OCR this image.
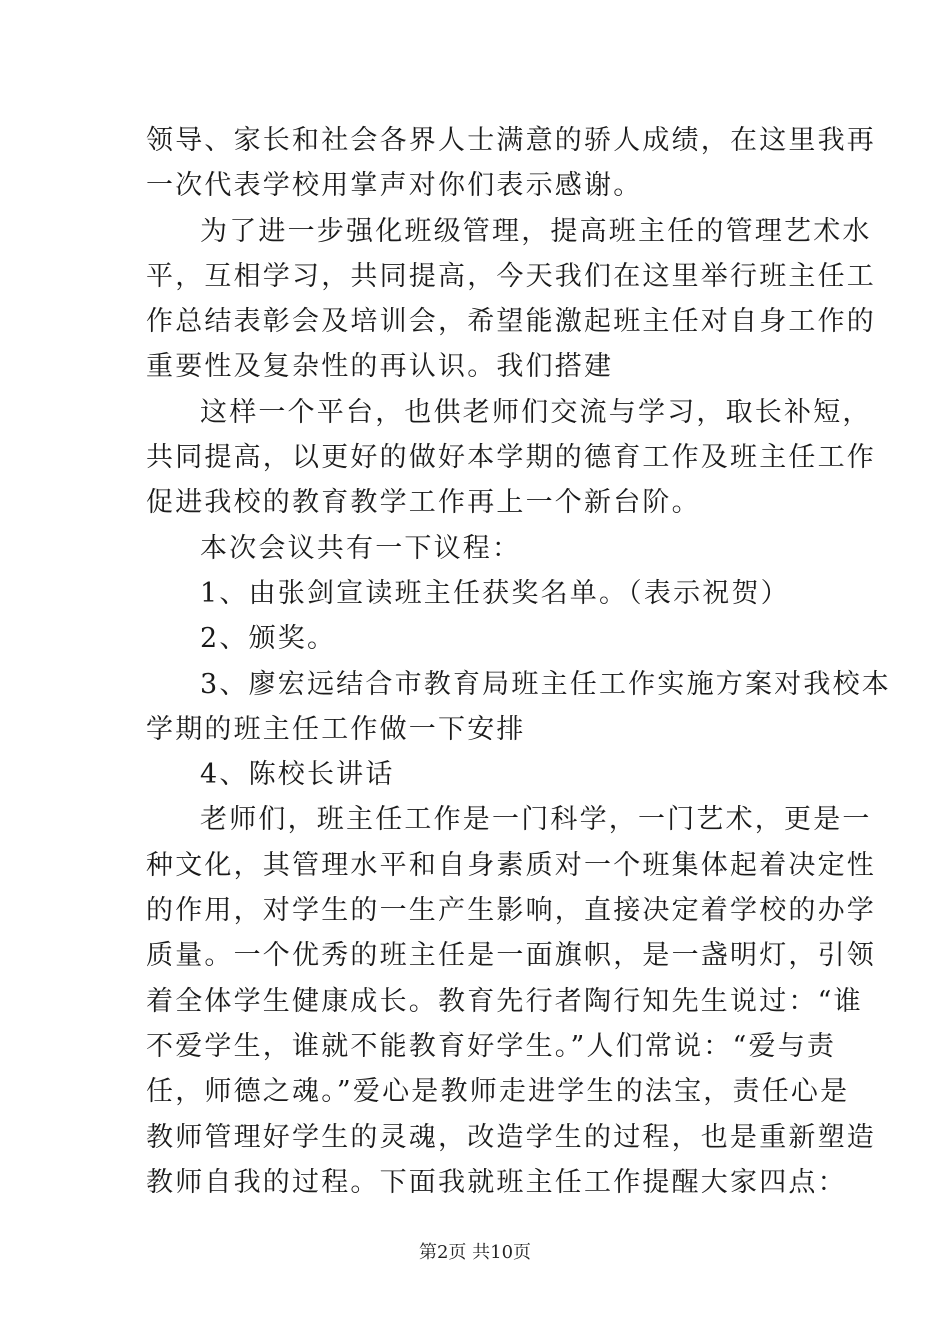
领导、家长和社会各界人士满意的骄人成绩，在这里我再
一次代表学校用掌声对你们表示感谢。
为了进一步强化班级管理，提高班主任的管理艺术水
平，互相学习，共同提高，今天我们在这里举行班主任工
作总结表彰会及培训会，希望能激起班主任对自身工作的
重要性及复杂性的再认识。我们搭建
这样一个平台，也供老师们交流与学习，取长补短，
共同提高，以更好的做好本学期的德育工作及班主任工作
促进我校的教育教学工作再上一个新台阶。
本次会议共有一下议程：
1、由张剑宣读班主任获奖名单。（表示祝贺）
2、颁奖。
3、廖宏远结合市教育局班主任工作实施方案对我校本
学期的班主任工作做一下安排
4、陈校长讲话
老师们，班主任工作是一门科学，一门艺术，更是一
种文化，其管理水平和自身素质对一个班集体起着决定性
的作用，对学生的一生产生影响，直接决定着学校的办学
质量。一个优秀的班主任是一面旗帜，是一盏明灯，引领
着全体学生健康成长。教育先行者陶行知先生说过：“谁
不爱学生，谁就不能教育好学生。”人们常说：“爱与责
任，师德之魂。”爱心是教师走进学生的法宝，责任心是
教师管理好学生的灵魂，改造学生的过程，也是重新塑造
教师自我的过程。下面我就班主任工作提醒大家四点：
第2页 共10页
